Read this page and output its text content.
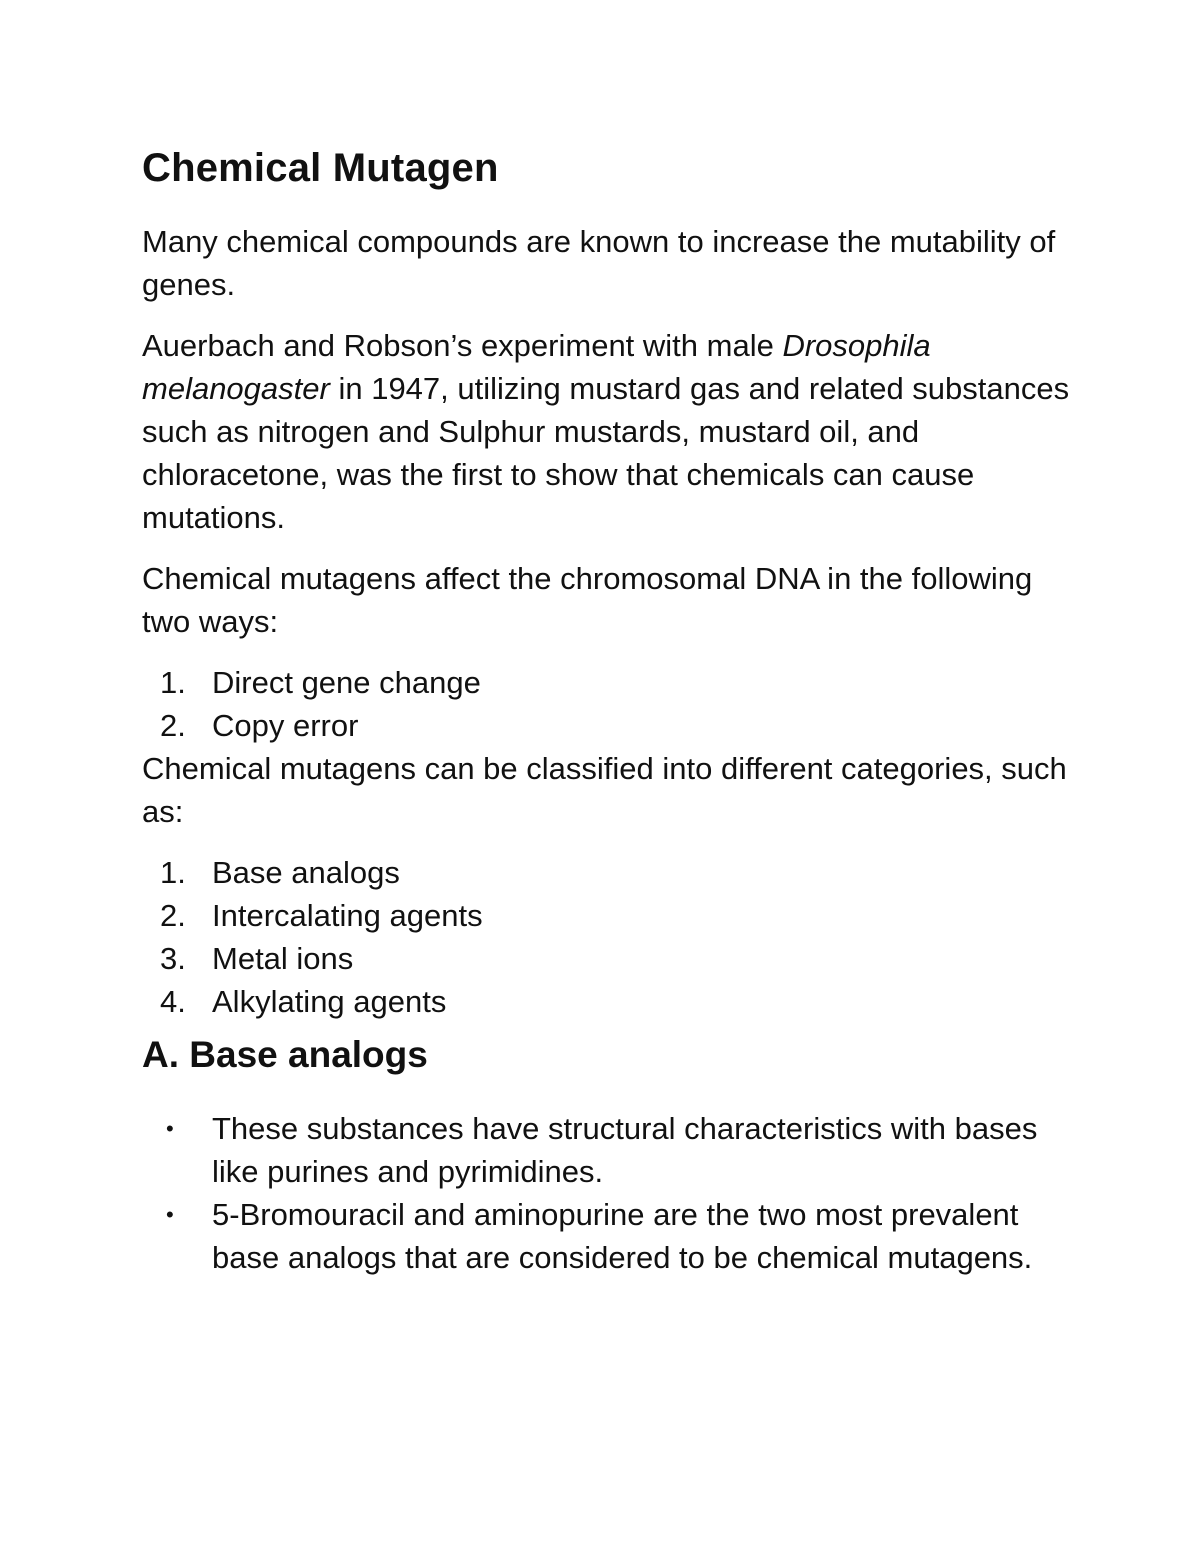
Chemical Mutagen

Many chemical compounds are known to increase the mutability of genes.

Auerbach and Robson’s experiment with male Drosophila melanogaster in 1947, utilizing mustard gas and related substances such as nitrogen and Sulphur mustards, mustard oil, and chloracetone, was the first to show that chemicals can cause mutations.

Chemical mutagens affect the chromosomal DNA in the following two ways:

1. Direct gene change
2. Copy error

Chemical mutagens can be classified into different categories, such as:

1. Base analogs
2. Intercalating agents
3. Metal ions
4. Alkylating agents
A. Base analogs
• These substances have structural characteristics with bases like purines and pyrimidines.
• 5-Bromouracil and aminopurine are the two most prevalent base analogs that are considered to be chemical mutagens.
